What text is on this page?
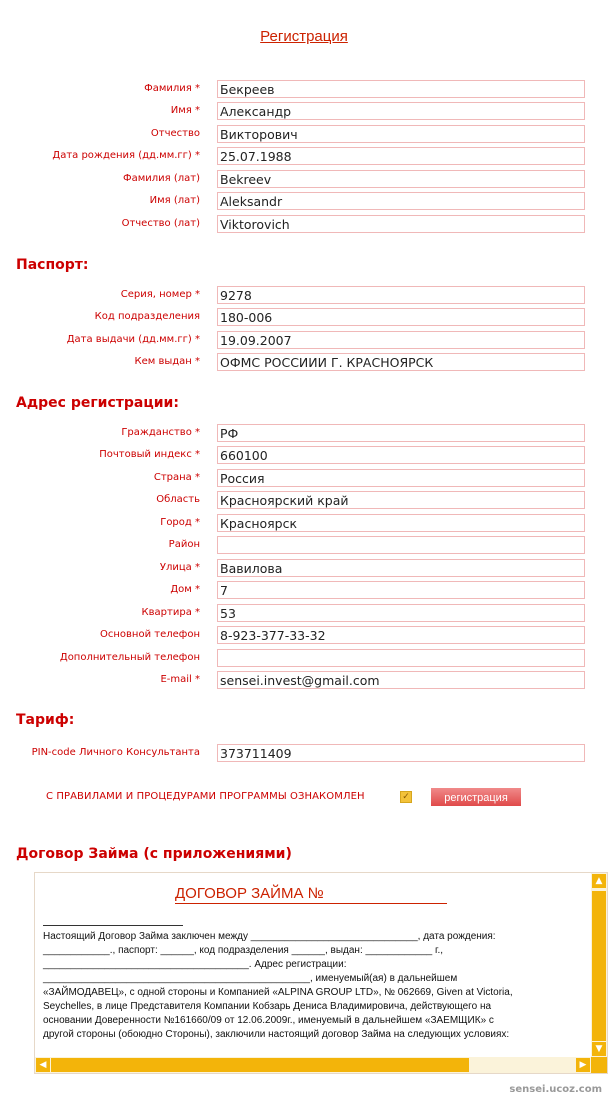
Регистрация
Фамилия * Бекреев
Имя * Александр
Отчество Викторович
Дата рождения (дд.мм.гг) * 25.07.1988
Фамилия (лат) Bekreev
Имя (лат) Aleksandr
Отчество (лат) Viktorovich
Паспорт:
Серия, номер * 9278
Код подразделения 180-006
Дата выдачи (дд.мм.гг) * 19.09.2007
Кем выдан * ОФМС РОССИИИ Г. КРАСНОЯРСК
Адрес регистрации:
Гражданство * РФ
Почтовый индекс * 660100
Страна * Россия
Область Красноярский край
Город * Красноярск
Район
Улица * Вавилова
Дом * 7
Квартира * 53
Основной телефон 8-923-377-33-32
Дополнительный телефон
E-mail * sensei.invest@gmail.com
Тариф:
PIN-code Личного Консультанта 373711409
С ПРАВИЛАМИ И ПРОЦЕДУРАМИ ПРОГРАММЫ ОЗНАКОМЛЕН	✓	регистрация
Договор Займа (с приложениями)
ДОГОВОР ЗАЙМА №
Настоящий Договор Займа заключен между ______________________________, дата рождения:
____________., паспорт: ______, код подразделения ______, выдан: ____________ г.,
_____________________________________. Адрес регистрации:
________________________________________________, именуемый(ая) в дальнейшем
«ЗАЙМОДАВЕЦ», с одной стороны и Компанией «ALPINA GROUP LTD», № 062669, Given at Victoria,
Seychelles, в лице Представителя Компании Кобзарь Дениса Владимировича, действующего на
основании Доверенности №161660/09 от 12.06.2009г., именуемый в дальнейшем «ЗАЕМЩИК» с
другой стороны (обоюдно Стороны), заключили настоящий договор Займа на следующих условиях:
▲
▼
◀	▶
sensei.ucoz.com
